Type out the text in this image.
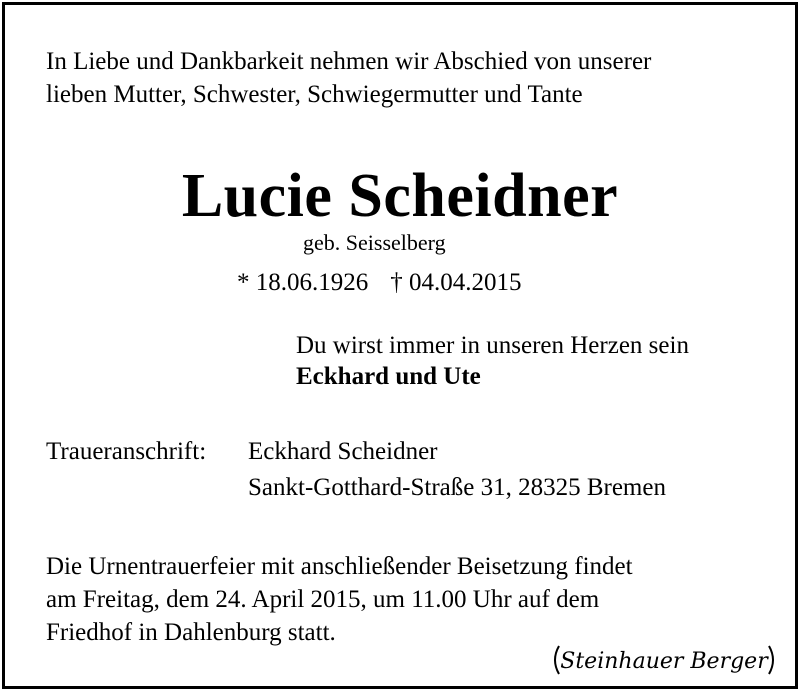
In Liebe und Dankbarkeit nehmen wir Abschied von unserer
lieben Mutter, Schwester, Schwiegermutter und Tante
Lucie Scheidner
geb. Seisselberg
* 18.06.1926 † 04.04.2015
Du wirst immer in unseren Herzen sein
Eckhard und Ute
Traueranschrift: Eckhard Scheidner
Sankt-Gotthard-Straße 31, 28325 Bremen
Die Urnentrauerfeier mit anschließender Beisetzung findet
am Freitag, dem 24. April 2015, um 11.00 Uhr auf dem
Friedhof in Dahlenburg statt.
Steinhauer Berger
